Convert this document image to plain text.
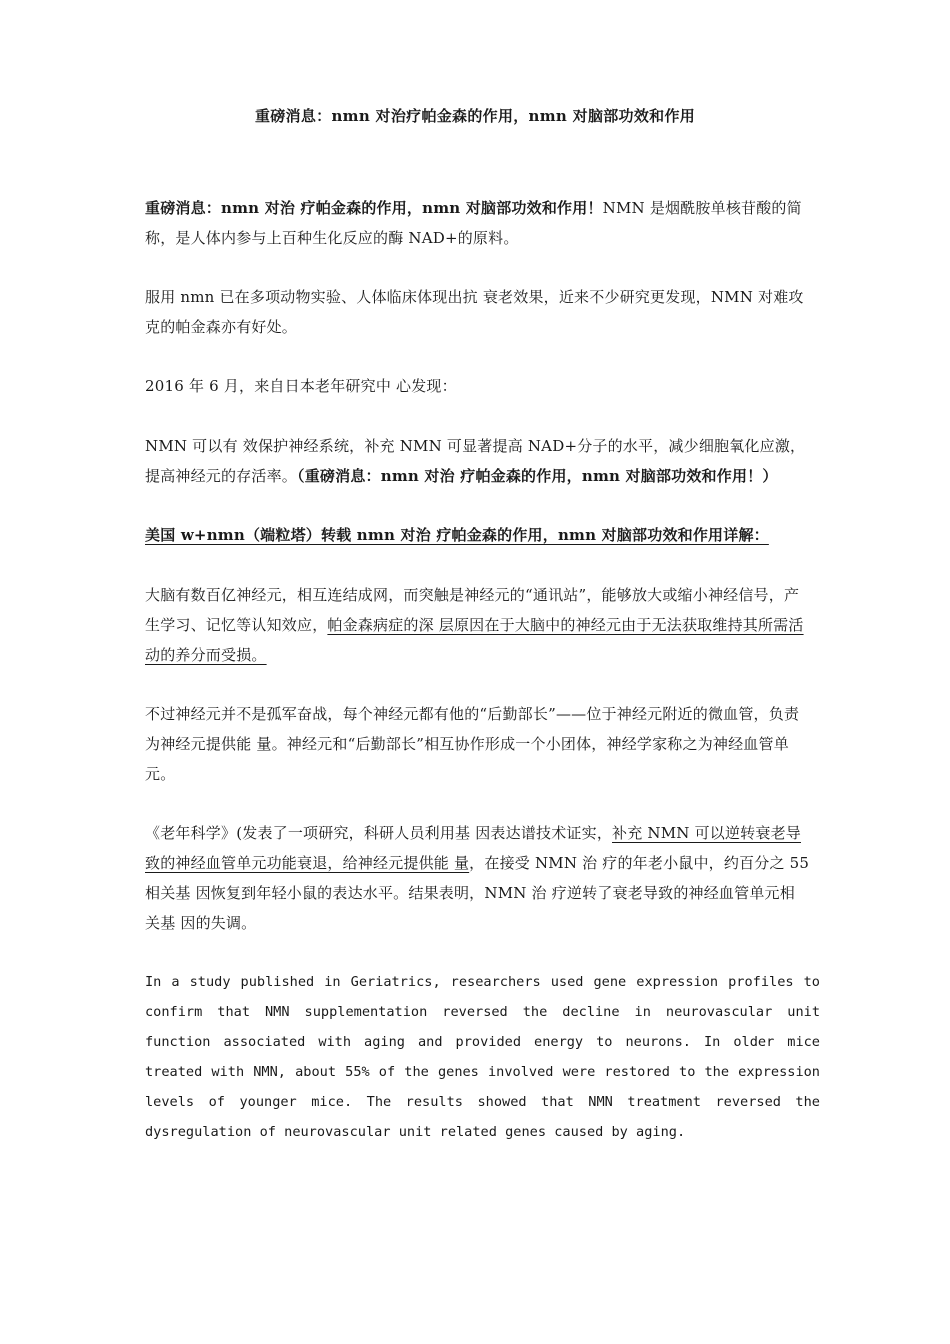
重磅消息：nmn 对治疗帕金森的作用，nmn 对脑部功效和作用

重磅消息：nmn 对治 疗帕金森的作用，nmn 对脑部功效和作用！NMN 是烟酰胺单核苷酸的简称，是人体内参与上百种生化反应的酶 NAD+的原料。

服用 nmn 已在多项动物实验、人体临床体现出抗 衰老效果，近来不少研究更发现，NMN 对难攻克的帕金森亦有好处。

2016 年 6 月，来自日本老年研究中 心发现：

NMN 可以有 效保护神经系统，补充 NMN 可显著提高 NAD+分子的水平，减少细胞氧化应激，提高神经元的存活率。（重磅消息：nmn 对治 疗帕金森的作用，nmn 对脑部功效和作用！）

美国 w+nmn（端粒塔）转载 nmn 对治 疗帕金森的作用，nmn 对脑部功效和作用详解：

大脑有数百亿神经元，相互连结成网，而突触是神经元的“通讯站”，能够放大或缩小神经信号，产生学习、记忆等认知效应，帕金森病症的深 层原因在于大脑中的神经元由于无法获取维持其所需活动的养分而受损。

不过神经元并不是孤军奋战，每个神经元都有他的“后勤部长”——位于神经元附近的微血管，负责为神经元提供能 量。神经元和“后勤部长”相互协作形成一个小团体，神经学家称之为神经血管单元。

《老年科学》(发表了一项研究，科研人员利用基 因表达谱技术证实，补充 NMN 可以逆转衰老导致的神经血管单元功能衰退，给神经元提供能 量，在接受 NMN 治 疗的年老小鼠中，约百分之 55 相关基 因恢复到年轻小鼠的表达水平。结果表明，NMN 治 疗逆转了衰老导致的神经血管单元相关基 因的失调。

In a study published in Geriatrics, researchers used gene expression profiles to confirm that NMN supplementation reversed the decline in neurovascular unit function associated with aging and provided energy to neurons. In older mice treated with NMN, about 55% of the genes involved were restored to the expression levels of younger mice. The results showed that NMN treatment reversed the dysregulation of neurovascular unit related genes caused by aging.
